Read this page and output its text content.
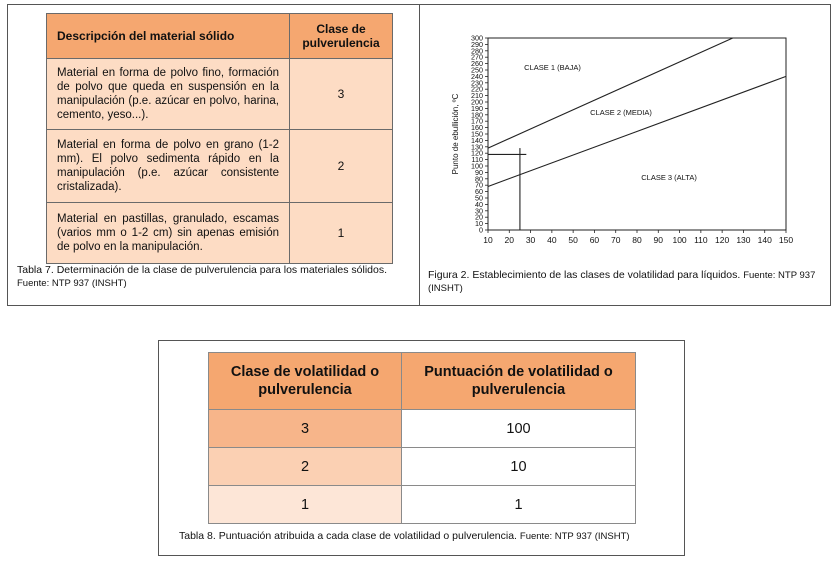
Descripción del material sólido	Clase de pulverulencia
Material en forma de polvo fino, formación de polvo que queda en suspensión en la manipulación (p.e. azúcar en polvo, harina, cemento, yeso...).	3
Material en forma de polvo en grano (1-2 mm). El polvo sedimenta rápido en la manipulación (p.e. azúcar consistente cristalizada).	2
Material en pastillas, granulado, escamas (varios mm o 1-2 cm) sin apenas emisión de polvo en la manipulación.	1
Tabla 7. Determinación de la clase de pulverulencia para los materiales sólidos. Fuente: NTP 937 (INSHT)
0
10
20
30
40
50
60
70
80
90
100
110
120
130
140
150
160
170
180
190
200
210
220
230
240
250
260
270
280
290
300
10 20 30 40 50 60 70 80 90 100 110 120 130 140 150
Punto de ebullición, ºC
CLASE 1 (BAJA)
CLASE 2 (MEDIA)
CLASE 3 (ALTA)
Figura 2. Establecimiento de las clases de volatilidad para líquidos. Fuente: NTP 937 (INSHT)
Clase de volatilidad o pulverulencia	Puntuación de volatilidad o pulverulencia
3	100
2	10
1	1
Tabla 8. Puntuación atribuida a cada clase de volatilidad o pulverulencia. Fuente: NTP 937 (INSHT)
